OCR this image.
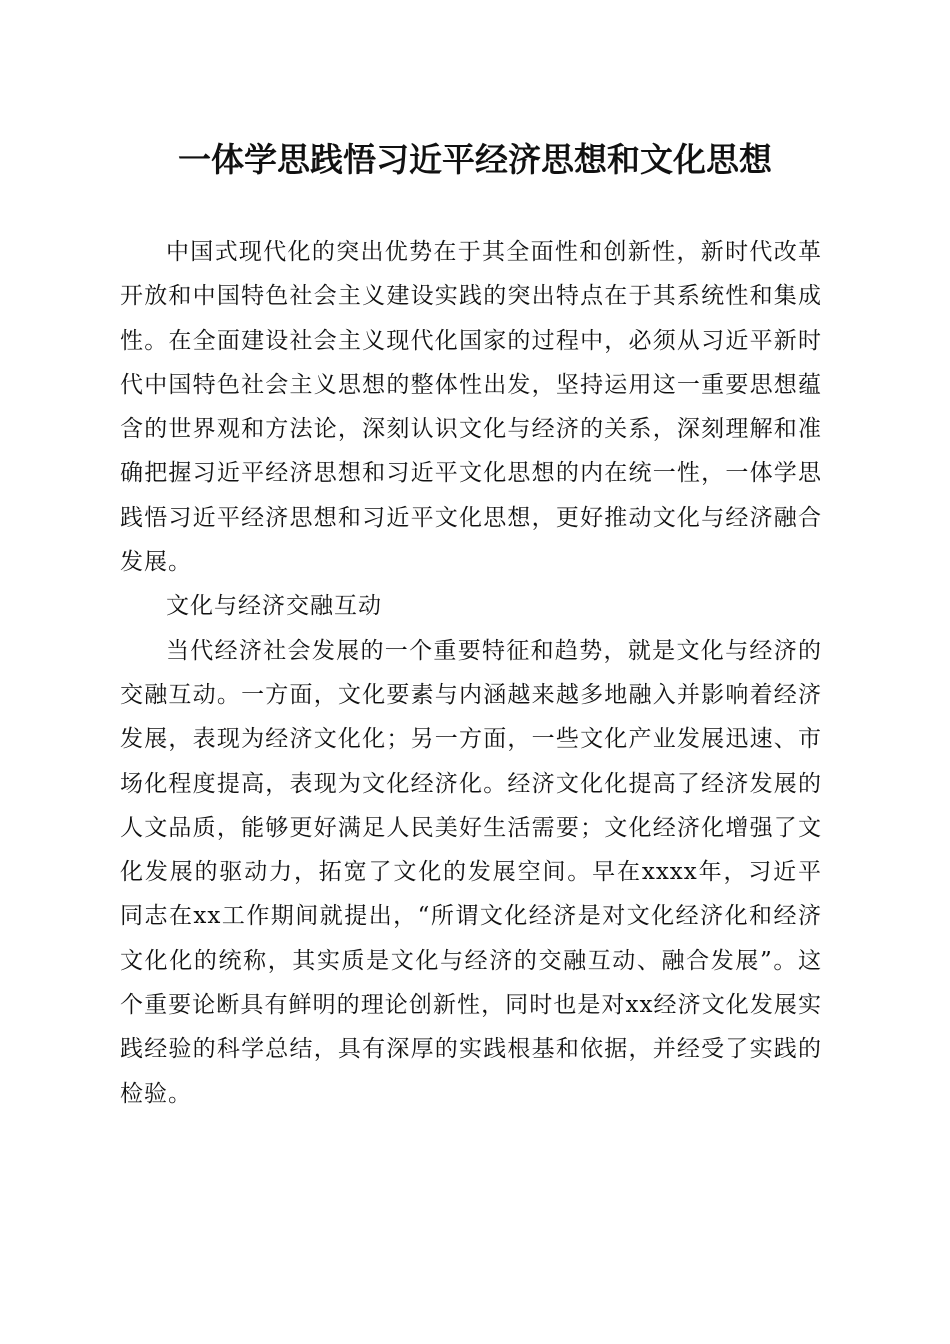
一体学思践悟习近平经济思想和文化思想

中国式现代化的突出优势在于其全面性和创新性，新时代改革开放和中国特色社会主义建设实践的突出特点在于其系统性和集成性。在全面建设社会主义现代化国家的过程中，必须从习近平新时代中国特色社会主义思想的整体性出发，坚持运用这一重要思想蕴含的世界观和方法论，深刻认识文化与经济的关系，深刻理解和准确把握习近平经济思想和习近平文化思想的内在统一性，一体学思践悟习近平经济思想和习近平文化思想，更好推动文化与经济融合发展。

文化与经济交融互动

当代经济社会发展的一个重要特征和趋势，就是文化与经济的交融互动。一方面，文化要素与内涵越来越多地融入并影响着经济发展，表现为经济文化化；另一方面，一些文化产业发展迅速、市场化程度提高，表现为文化经济化。经济文化化提高了经济发展的人文品质，能够更好满足人民美好生活需要；文化经济化增强了文化发展的驱动力，拓宽了文化的发展空间。早在xxxx年，习近平同志在xx工作期间就提出，“所谓文化经济是对文化经济化和经济文化化的统称，其实质是文化与经济的交融互动、融合发展”。这个重要论断具有鲜明的理论创新性，同时也是对xx经济文化发展实践经验的科学总结，具有深厚的实践根基和依据，并经受了实践的检验。
